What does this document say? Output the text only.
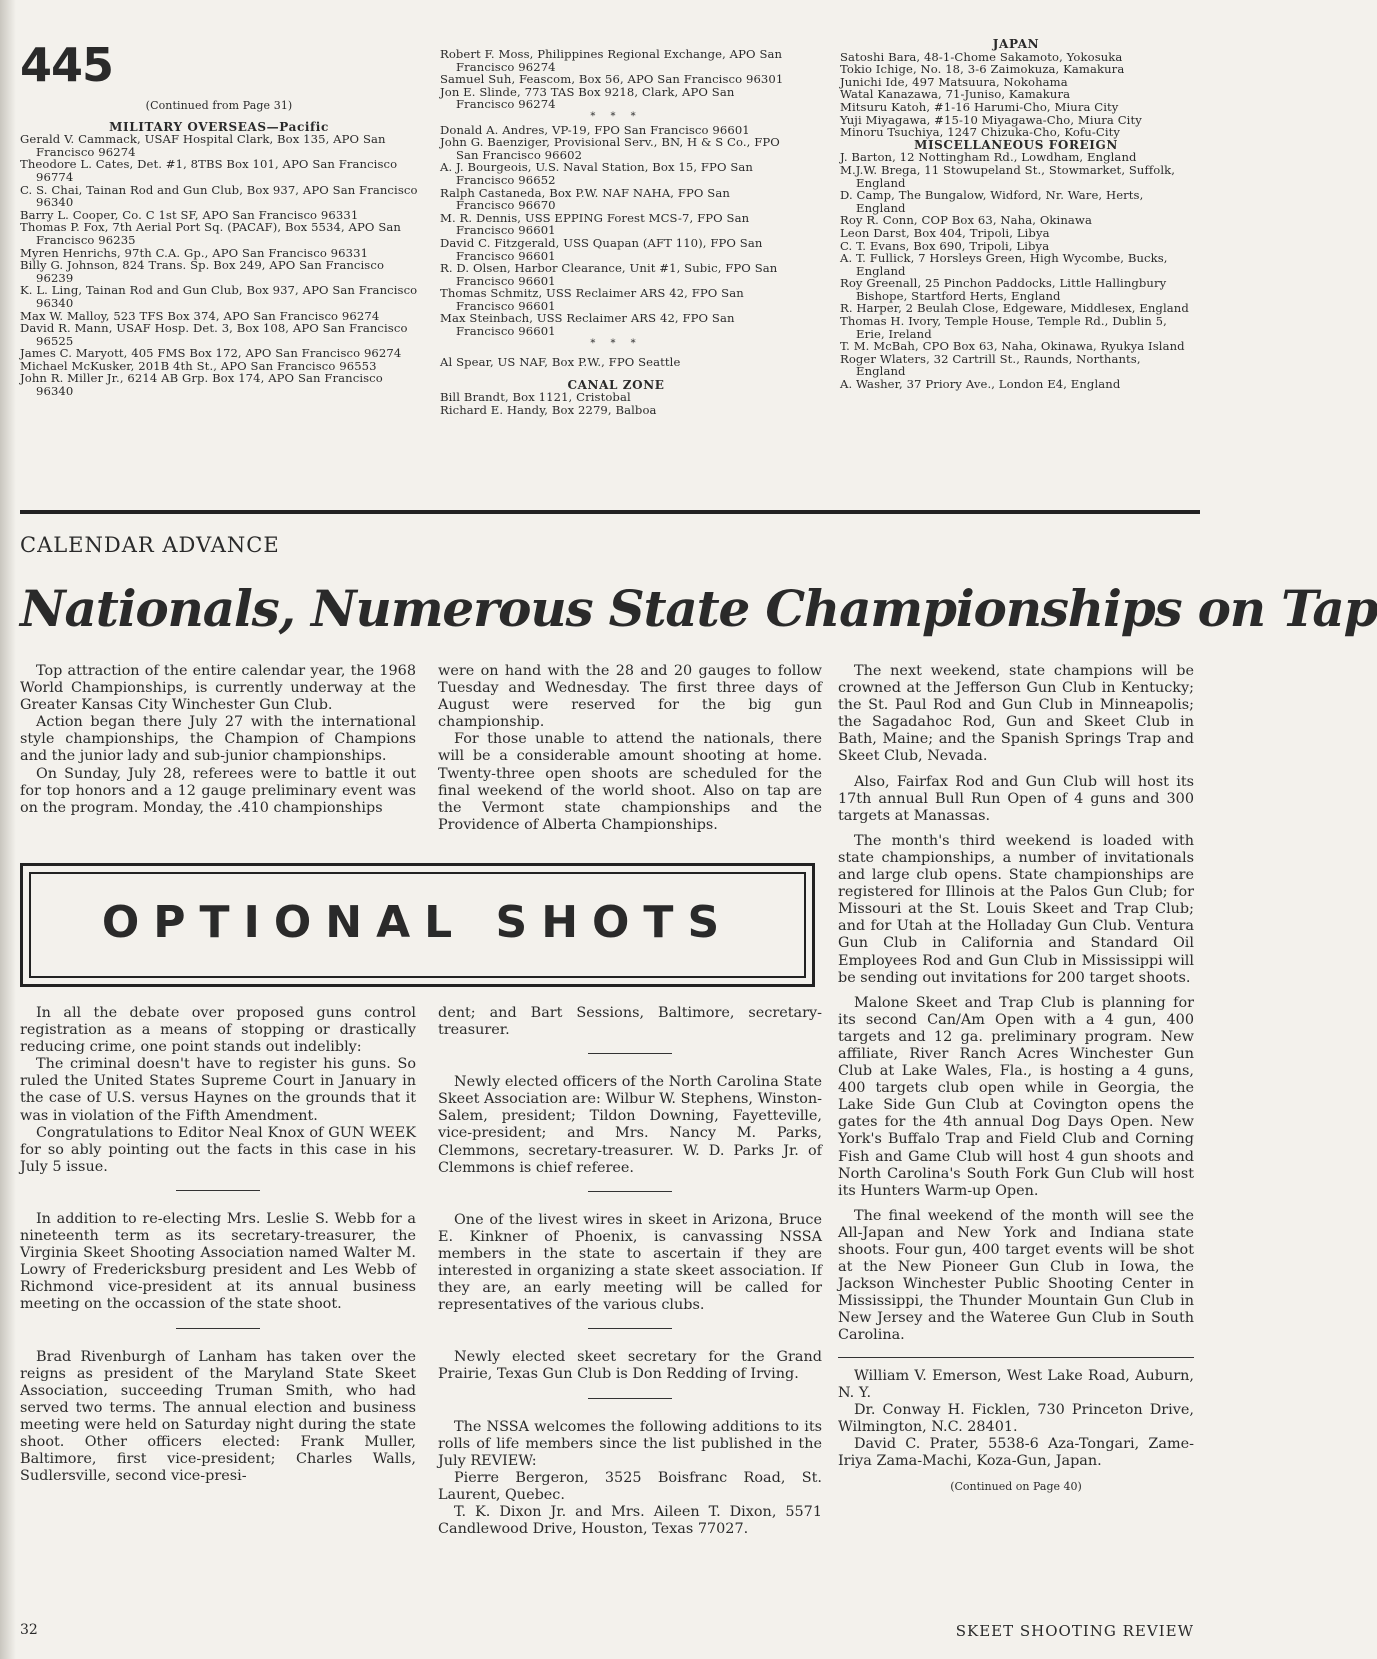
445

(Continued from Page 31)

MILITARY OVERSEAS—Pacific

Gerald V. Cammack, USAF Hospital Clark, Box 135, APO San Francisco 96274

Theodore L. Cates, Det. #1, 8TBS Box 101, APO San Francisco 96774

C. S. Chai, Tainan Rod and Gun Club, Box 937, APO San Francisco 96340

Barry L. Cooper, Co. C 1st SF, APO San Francisco 96331

Thomas P. Fox, 7th Aerial Port Sq. (PACAF), Box 5534, APO San Francisco 96235

Myren Henrichs, 97th C.A. Gp., APO San Francisco 96331

Billy G. Johnson, 824 Trans. Sp. Box 249, APO San Francisco 96239

K. L. Ling, Tainan Rod and Gun Club, Box 937, APO San Francisco 96340

Max W. Malloy, 523 TFS Box 374, APO San Francisco 96274

David R. Mann, USAF Hosp. Det. 3, Box 108, APO San Francisco 96525

James C. Maryott, 405 FMS Box 172, APO San Francisco 96274

Michael McKusker, 201B 4th St., APO San Francisco 96553

John R. Miller Jr., 6214 AB Grp. Box 174, APO San Francisco 96340

Robert F. Moss, Philippines Regional Exchange, APO San Francisco 96274

Samuel Suh, Feascom, Box 56, APO San Francisco 96301

Jon E. Slinde, 773 TAS Box 9218, Clark, APO San Francisco 96274

* * *

Donald A. Andres, VP-19, FPO San Francisco 96601

John G. Baenziger, Provisional Serv., BN, H & S Co., FPO San Francisco 96602

A. J. Bourgeois, U.S. Naval Station, Box 15, FPO San Francisco 96652

Ralph Castaneda, Box P.W. NAF NAHA, FPO San Francisco 96670

M. R. Dennis, USS EPPING Forest MCS-7, FPO San Francisco 96601

David C. Fitzgerald, USS Quapan (AFT 110), FPO San Francisco 96601

R. D. Olsen, Harbor Clearance, Unit #1, Subic, FPO San Francisco 96601

Thomas Schmitz, USS Reclaimer ARS 42, FPO San Francisco 96601

Max Steinbach, USS Reclaimer ARS 42, FPO San Francisco 96601

* * *

Al Spear, US NAF, Box P.W., FPO Seattle

CANAL ZONE

Bill Brandt, Box 1121, Cristobal

Richard E. Handy, Box 2279, Balboa

JAPAN

Satoshi Bara, 48-1-Chome Sakamoto, Yokosuka

Tokio Ichige, No. 18, 3-6 Zaimokuza, Kamakura

Junichi Ide, 497 Matsuura, Nokohama

Watal Kanazawa, 71-Juniso, Kamakura

Mitsuru Katoh, #1-16 Harumi-Cho, Miura City

Yuji Miyagawa, #15-10 Miyagawa-Cho, Miura City

Minoru Tsuchiya, 1247 Chizuka-Cho, Kofu-City

MISCELLANEOUS FOREIGN

J. Barton, 12 Nottingham Rd., Lowdham, England

M.J.W. Brega, 11 Stowupeland St., Stowmarket, Suffolk, England

D. Camp, The Bungalow, Widford, Nr. Ware, Herts, England

Roy R. Conn, COP Box 63, Naha, Okinawa

Leon Darst, Box 404, Tripoli, Libya

C. T. Evans, Box 690, Tripoli, Libya

A. T. Fullick, 7 Horsleys Green, High Wycombe, Bucks, England

Roy Greenall, 25 Pinchon Paddocks, Little Hallingbury Bishope, Startford Herts, England

R. Harper, 2 Beulah Close, Edgeware, Middlesex, England

Thomas H. Ivory, Temple House, Temple Rd., Dublin 5, Erie, Ireland

T. M. McBah, CPO Box 63, Naha, Okinawa, Ryukya Island

Roger Wlaters, 32 Cartrill St., Raunds, Northants, England

A. Washer, 37 Priory Ave., London E4, England

CALENDAR ADVANCE
Nationals, Numerous State Championships on Tap

Top attraction of the entire calendar year, the 1968 World Championships, is currently underway at the Greater Kansas City Winchester Gun Club.

Action began there July 27 with the international style championships, the Champion of Champions and the junior lady and sub-junior championships.

On Sunday, July 28, referees were to battle it out for top honors and a 12 gauge preliminary event was on the program. Monday, the .410 championships

were on hand with the 28 and 20 gauges to follow Tuesday and Wednesday. The first three days of August were reserved for the big gun championship.

For those unable to attend the nationals, there will be a considerable amount shooting at home. Twenty-three open shoots are scheduled for the final weekend of the world shoot. Also on tap are the Vermont state championships and the Providence of Alberta Championships.

The next weekend, state champions will be crowned at the Jefferson Gun Club in Kentucky; the St. Paul Rod and Gun Club in Minneapolis; the Sagadahoc Rod, Gun and Skeet Club in Bath, Maine; and the Spanish Springs Trap and Skeet Club, Nevada.

Also, Fairfax Rod and Gun Club will host its 17th annual Bull Run Open of 4 guns and 300 targets at Manassas.

The month's third weekend is loaded with state championships, a number of invitationals and large club opens. State championships are registered for Illinois at the Palos Gun Club; for Missouri at the St. Louis Skeet and Trap Club; and for Utah at the Holladay Gun Club. Ventura Gun Club in California and Standard Oil Employees Rod and Gun Club in Mississippi will be sending out invitations for 200 target shoots.

Malone Skeet and Trap Club is planning for its second Can/Am Open with a 4 gun, 400 targets and 12 ga. preliminary program. New affiliate, River Ranch Acres Winchester Gun Club at Lake Wales, Fla., is hosting a 4 guns, 400 targets club open while in Georgia, the Lake Side Gun Club at Covington opens the gates for the 4th annual Dog Days Open. New York's Buffalo Trap and Field Club and Corning Fish and Game Club will host 4 gun shoots and North Carolina's South Fork Gun Club will host its Hunters Warm-up Open.

The final weekend of the month will see the All-Japan and New York and Indiana state shoots. Four gun, 400 target events will be shot at the New Pioneer Gun Club in Iowa, the Jackson Winchester Public Shooting Center in Mississippi, the Thunder Mountain Gun Club in New Jersey and the Wateree Gun Club in South Carolina.

William V. Emerson, West Lake Road, Auburn, N. Y.

Dr. Conway H. Ficklen, 730 Princeton Drive, Wilmington, N.C. 28401.

David C. Prater, 5538-6 Aza-Tongari, Zame-Iriya Zama-Machi, Koza-Gun, Japan.

(Continued on Page 40)

OPTIONAL SHOTS

In all the debate over proposed guns control registration as a means of stopping or drastically reducing crime, one point stands out indelibly:

The criminal doesn't have to register his guns. So ruled the United States Supreme Court in January in the case of U.S. versus Haynes on the grounds that it was in violation of the Fifth Amendment.

Congratulations to Editor Neal Knox of GUN WEEK for so ably pointing out the facts in this case in his July 5 issue.

In addition to re-electing Mrs. Leslie S. Webb for a nineteenth term as its secretary-treasurer, the Virginia Skeet Shooting Association named Walter M. Lowry of Fredericksburg president and Les Webb of Richmond vice-president at its annual business meeting on the occassion of the state shoot.

Brad Rivenburgh of Lanham has taken over the reigns as president of the Maryland State Skeet Association, succeeding Truman Smith, who had served two terms. The annual election and business meeting were held on Saturday night during the state shoot. Other officers elected: Frank Muller, Baltimore, first vice-president; Charles Walls, Sudlersville, second vice-presi-

dent; and Bart Sessions, Baltimore, secretary-treasurer.

Newly elected officers of the North Carolina State Skeet Association are: Wilbur W. Stephens, Winston-Salem, president; Tildon Downing, Fayetteville, vice-president; and Mrs. Nancy M. Parks, Clemmons, secretary-treasurer. W. D. Parks Jr. of Clemmons is chief referee.

One of the livest wires in skeet in Arizona, Bruce E. Kinkner of Phoenix, is canvassing NSSA members in the state to ascertain if they are interested in organizing a state skeet association. If they are, an early meeting will be called for representatives of the various clubs.

Newly elected skeet secretary for the Grand Prairie, Texas Gun Club is Don Redding of Irving.

The NSSA welcomes the following additions to its rolls of life members since the list published in the July REVIEW:

Pierre Bergeron, 3525 Boisfranc Road, St. Laurent, Quebec.

T. K. Dixon Jr. and Mrs. Aileen T. Dixon, 5571 Candlewood Drive, Houston, Texas 77027.

32	SKEET SHOOTING REVIEW
